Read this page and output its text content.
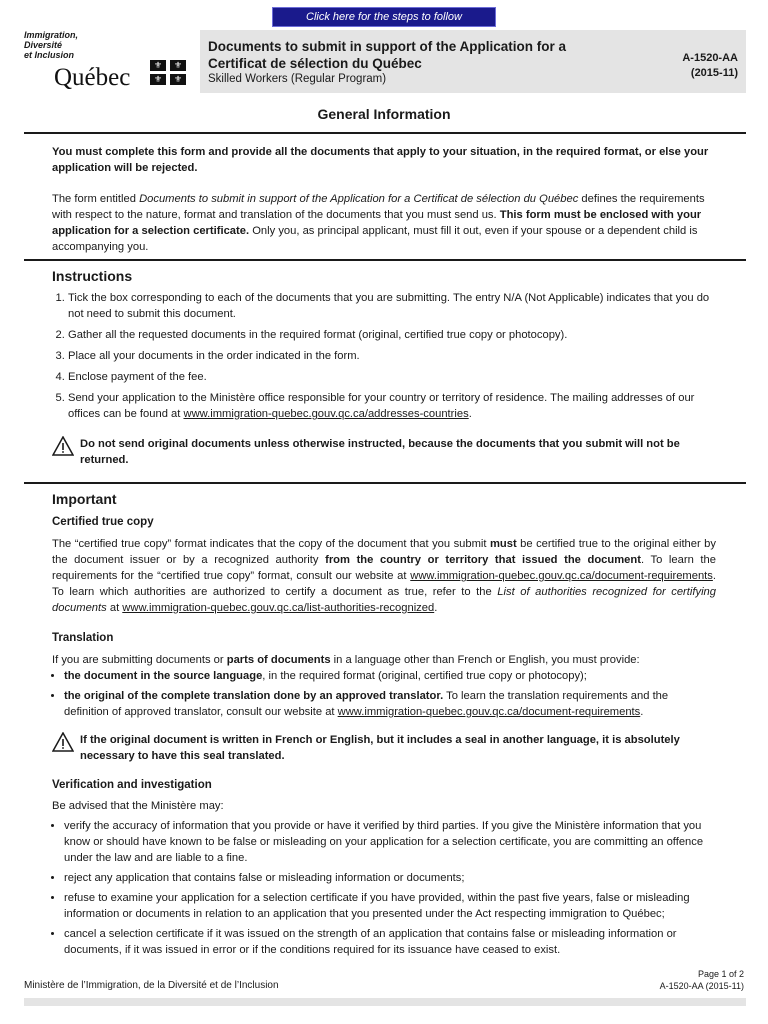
Click here for the steps to follow
Immigration,
Diversité
et Inclusion
Québec	⚜	⚜
⚜	⚜
Documents to submit in support of the Application for a Certificat de sélection du Québec
Skilled Workers (Regular Program)
A-1520-AA
(2015-11)
General Information

You must complete this form and provide all the documents that apply to your situation, in the required format, or else your application will be rejected.

The form entitled Documents to submit in support of the Application for a Certificat de sélection du Québec defines the requirements with respect to the nature, format and translation of the documents that you must send us. This form must be enclosed with your application for a selection certificate. Only you, as principal applicant, must fill it out, even if your spouse or a dependent child is accompanying you.

Instructions

1. Tick the box corresponding to each of the documents that you are submitting. The entry N/A (Not Applicable) indicates that you do not need to submit this document.
2. Gather all the requested documents in the required format (original, certified true copy or photocopy).
3. Place all your documents in the order indicated in the form.
4. Enclose payment of the fee.
5. Send your application to the Ministère office responsible for your country or territory of residence. The mailing addresses of our offices can be found at www.immigration-quebec.gouv.qc.ca/addresses-countries.
Do not send original documents unless otherwise instructed, because the documents that you submit will not be returned.

Important

Certified true copy

The “certified true copy” format indicates that the copy of the document that you submit must be certified true to the original either by the document issuer or by a recognized authority from the country or territory that issued the document. To learn the requirements for the “certified true copy” format, consult our website at www.immigration-quebec.gouv.qc.ca/document-requirements. To learn which authorities are authorized to certify a document as true, refer to the List of authorities recognized for certifying documents at www.immigration-quebec.gouv.qc.ca/list-authorities-recognized.

Translation

If you are submitting documents or parts of documents in a language other than French or English, you must provide:

• the document in the source language, in the required format (original, certified true copy or photocopy);
• the original of the complete translation done by an approved translator. To learn the translation requirements and the definition of approved translator, consult our website at www.immigration-quebec.gouv.qc.ca/document-requirements.
If the original document is written in French or English, but it includes a seal in another language, it is absolutely necessary to have this seal translated.

Verification and investigation

Be advised that the Ministère may:

• verify the accuracy of information that you provide or have it verified by third parties. If you give the Ministère information that you know or should have known to be false or misleading on your application for a selection certificate, you are committing an offence under the law and are liable to a fine.
• reject any application that contains false or misleading information or documents;
• refuse to examine your application for a selection certificate if you have provided, within the past five years, false or misleading information or documents in relation to an application that you presented under the Act respecting immigration to Québec;
• cancel a selection certificate if it was issued on the strength of an application that contains false or misleading information or documents, if it was issued in error or if the conditions required for its issuance have ceased to exist.
Ministère de l’Immigration, de la Diversité et de l’Inclusion
Page 1 of 2
A-1520-AA (2015-11)
